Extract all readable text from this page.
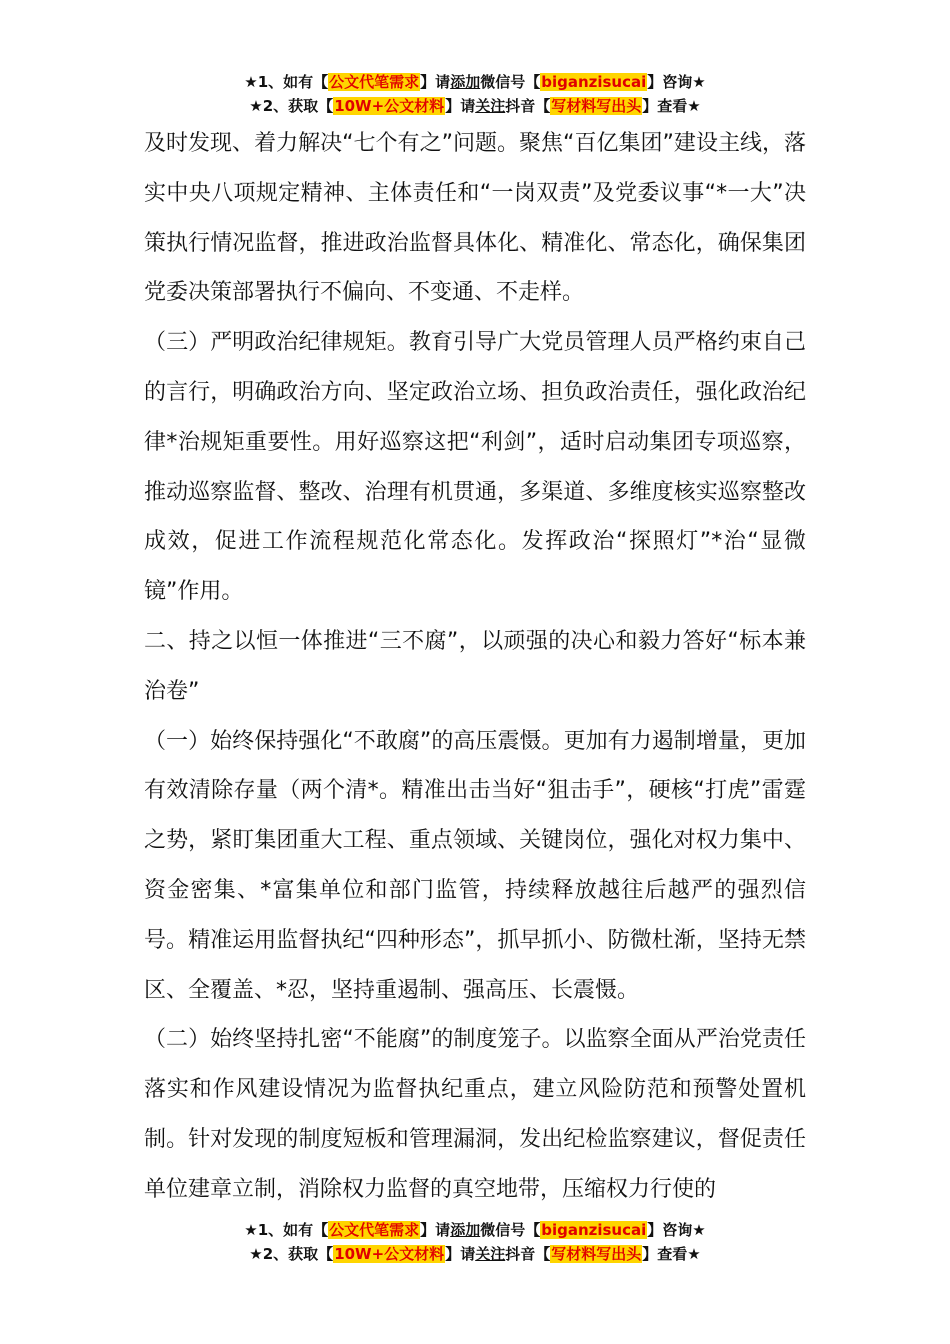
★1、如有【公文代笔需求】请添加微信号【biganzisucai】咨询★
★2、获取【10W+公文材料】请关注抖音【写材料写出头】查看★

及时发现、着力解决“七个有之”问题。聚焦“百亿集团”建设主线，落实中央八项规定精神、主体责任和“一岗双责”及党委议事“*一大”决策执行情况监督，推进政治监督具体化、精准化、常态化，确保集团党委决策部署执行不偏向、不变通、不走样。

（三）严明政治纪律规矩。教育引导广大党员管理人员严格约束自己的言行，明确政治方向、坚定政治立场、担负政治责任，强化政治纪律*治规矩重要性。用好巡察这把“利剑”，适时启动集团专项巡察，推动巡察监督、整改、治理有机贯通，多渠道、多维度核实巡察整改成效，促进工作流程规范化常态化。发挥政治“探照灯”*治“显微镜”作用。

二、持之以恒一体推进“三不腐”，以顽强的决心和毅力答好“标本兼治卷”

（一）始终保持强化“不敢腐”的高压震慑。更加有力遏制增量，更加有效清除存量（两个清*。精准出击当好“狙击手”，硬核“打虎”雷霆之势，紧盯集团重大工程、重点领域、关键岗位，强化对权力集中、资金密集、*富集单位和部门监管，持续释放越往后越严的强烈信号。精准运用监督执纪“四种形态”，抓早抓小、防微杜渐，坚持无禁区、全覆盖、*忍，坚持重遏制、强高压、长震慑。

（二）始终坚持扎密“不能腐”的制度笼子。以监察全面从严治党责任落实和作风建设情况为监督执纪重点，建立风险防范和预警处置机制。针对发现的制度短板和管理漏洞，发出纪检监察建议，督促责任单位建章立制，消除权力监督的真空地带，压缩权力行使的

★1、如有【公文代笔需求】请添加微信号【biganzisucai】咨询★
★2、获取【10W+公文材料】请关注抖音【写材料写出头】查看★
